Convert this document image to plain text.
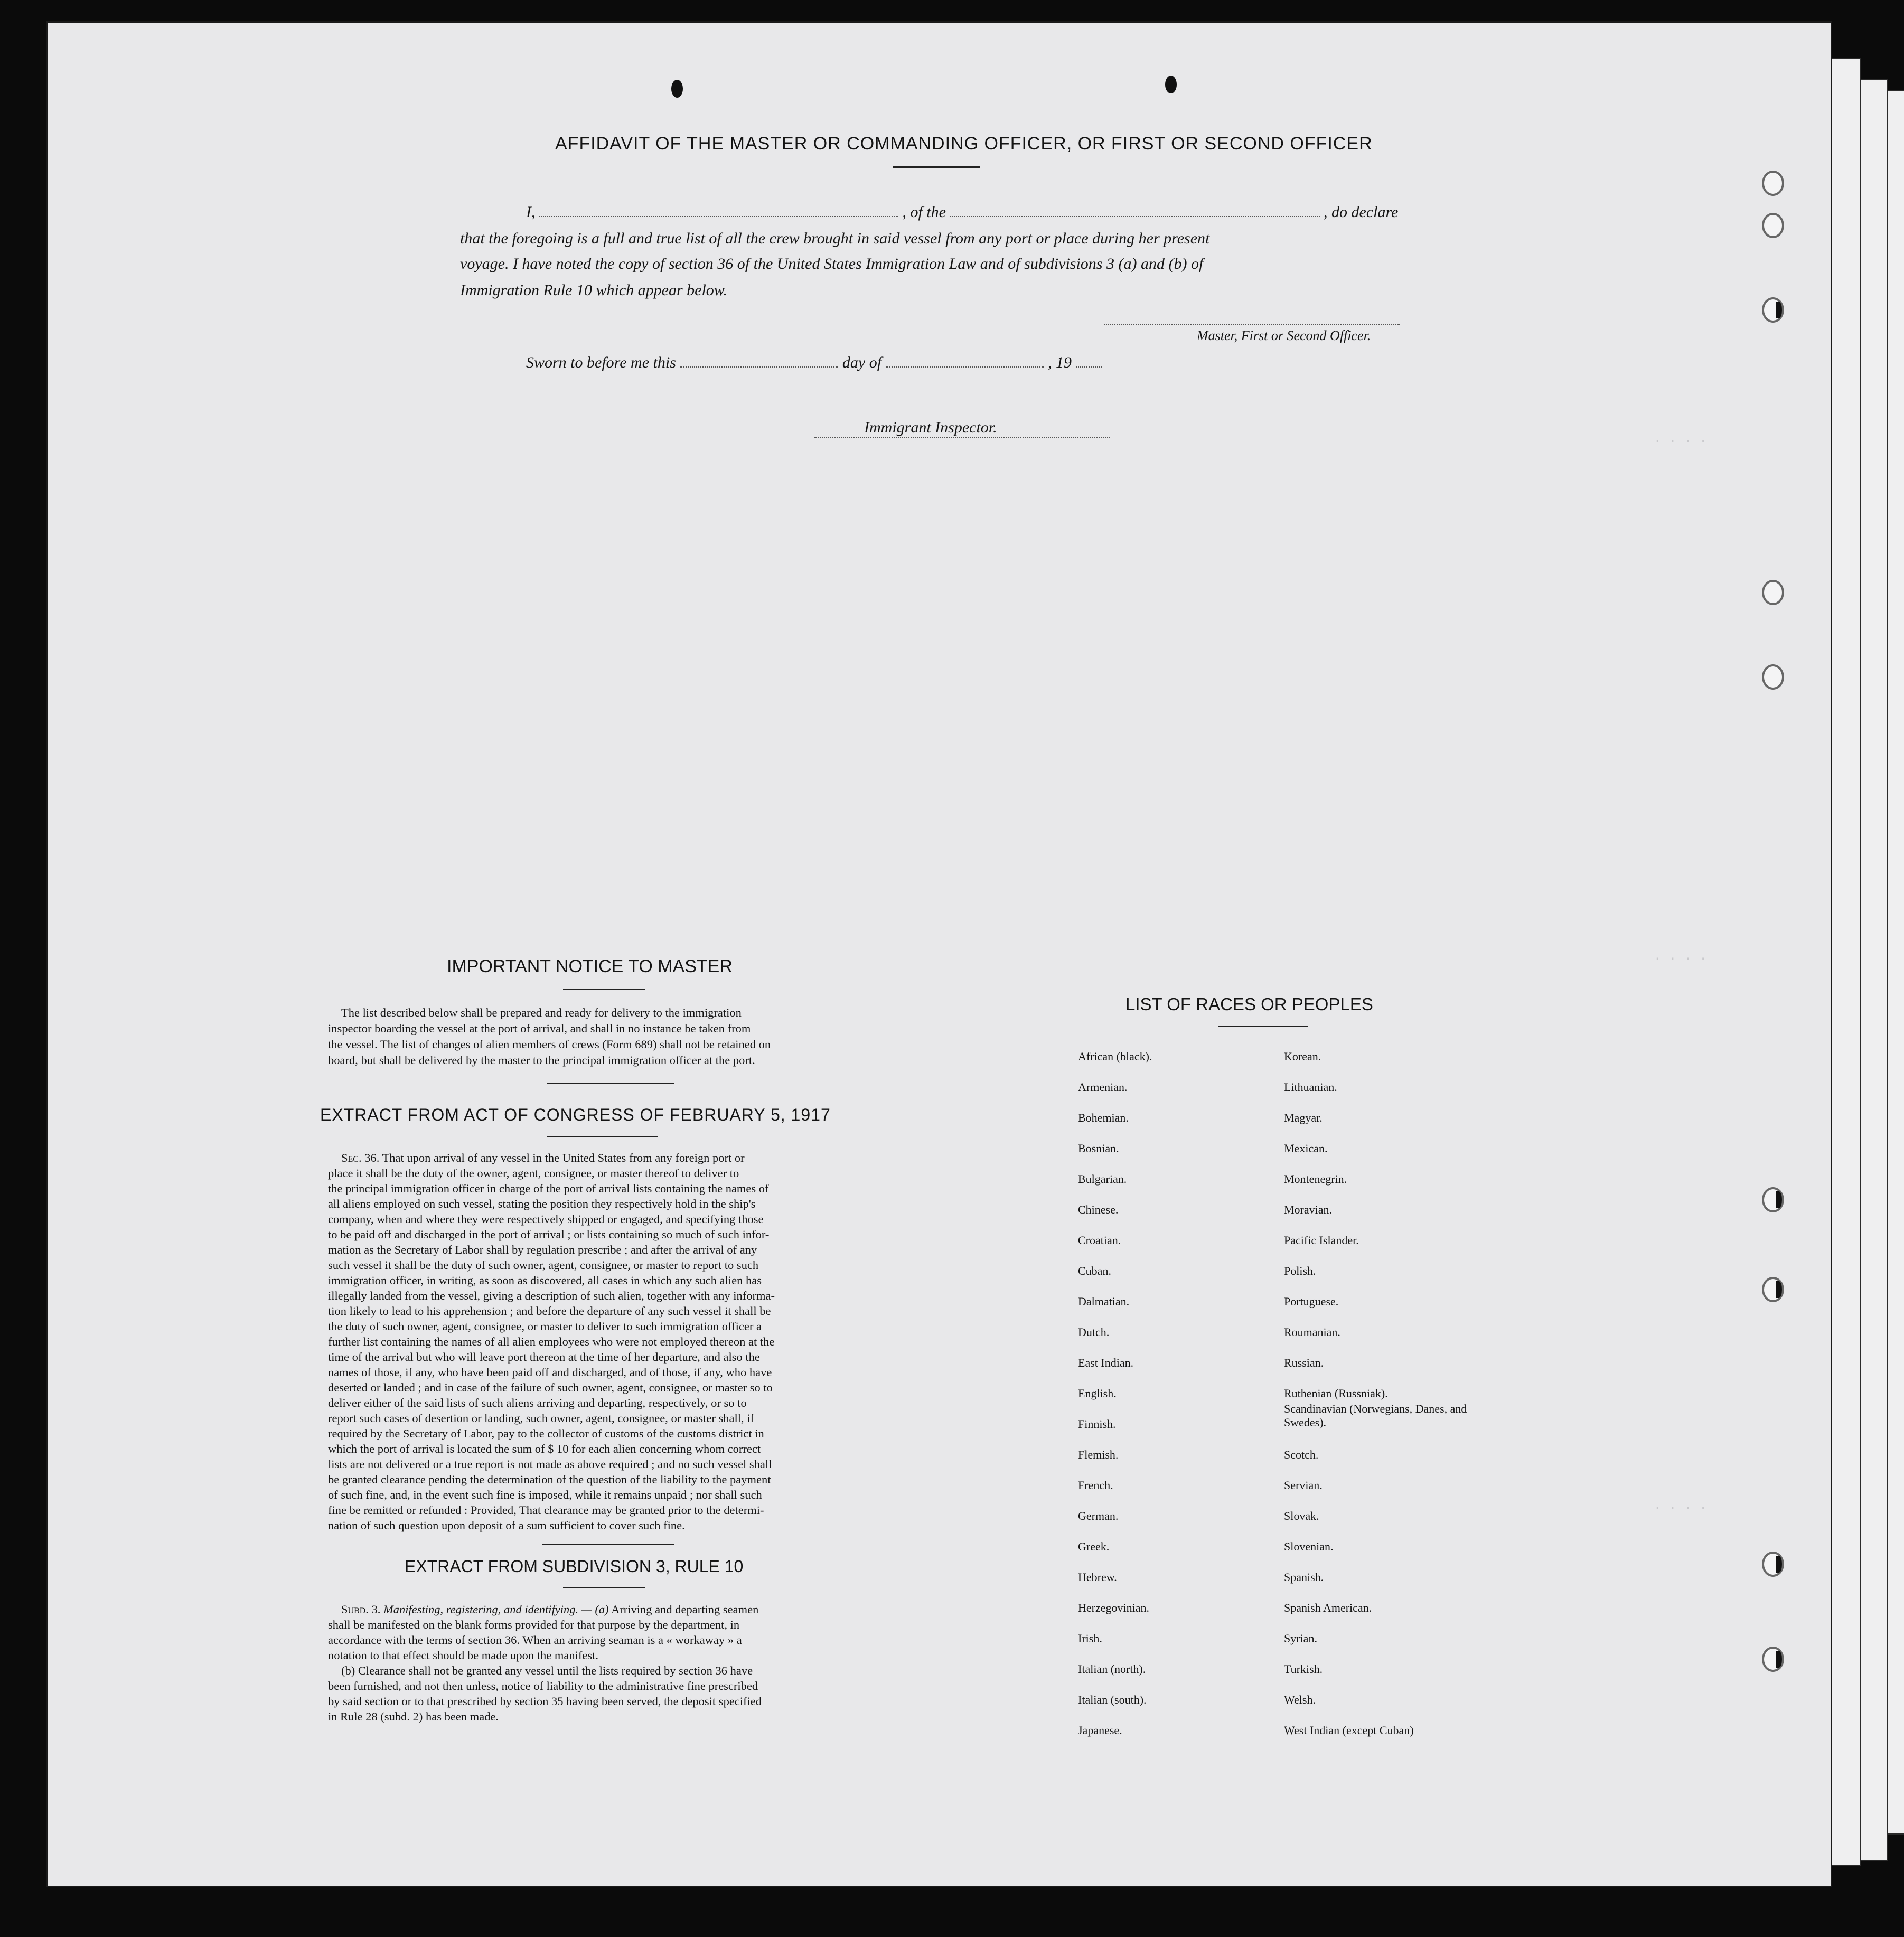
· · · ·
· · · ·
· · · ·
AFFIDAVIT OF THE MASTER OR COMMANDING OFFICER, OR FIRST OR SECOND OFFICER
I,	, of the	, do declare
that the foregoing is a full and true list of all the crew brought in said vessel from any port or place during her present
voyage. I have noted the copy of section 36 of the United States Immigration Law and of subdivisions 3 (a) and (b) of
Immigration Rule 10 which appear below.
Master, First or Second Officer.
Sworn to before me this	day of	, 19
Immigrant Inspector.
IMPORTANT NOTICE TO MASTER
The list described below shall be prepared and ready for delivery to the immigration
inspector boarding the vessel at the port of arrival, and shall in no instance be taken from
the vessel. The list of changes of alien members of crews (Form 689) shall not be retained on
board, but shall be delivered by the master to the principal immigration officer at the port.
EXTRACT FROM ACT OF CONGRESS OF FEBRUARY 5, 1917
Sec. 36. That upon arrival of any vessel in the United States from any foreign port or
place it shall be the duty of the owner, agent, consignee, or master thereof to deliver to
the principal immigration officer in charge of the port of arrival lists containing the names of
all aliens employed on such vessel, stating the position they respectively hold in the ship's
company, when and where they were respectively shipped or engaged, and specifying those
to be paid off and discharged in the port of arrival ; or lists containing so much of such infor-
mation as the Secretary of Labor shall by regulation prescribe ; and after the arrival of any
such vessel it shall be the duty of such owner, agent, consignee, or master to report to such
immigration officer, in writing, as soon as discovered, all cases in which any such alien has
illegally landed from the vessel, giving a description of such alien, together with any informa-
tion likely to lead to his apprehension ; and before the departure of any such vessel it shall be
the duty of such owner, agent, consignee, or master to deliver to such immigration officer a
further list containing the names of all alien employees who were not employed thereon at the
time of the arrival but who will leave port thereon at the time of her departure, and also the
names of those, if any, who have been paid off and discharged, and of those, if any, who have
deserted or landed ; and in case of the failure of such owner, agent, consignee, or master so to
deliver either of the said lists of such aliens arriving and departing, respectively, or so to
report such cases of desertion or landing, such owner, agent, consignee, or master shall, if
required by the Secretary of Labor, pay to the collector of customs of the customs district in
which the port of arrival is located the sum of $ 10 for each alien concerning whom correct
lists are not delivered or a true report is not made as above required ; and no such vessel shall
be granted clearance pending the determination of the question of the liability to the payment
of such fine, and, in the event such fine is imposed, while it remains unpaid ; nor shall such
fine be remitted or refunded : Provided, That clearance may be granted prior to the determi-
nation of such question upon deposit of a sum sufficient to cover such fine.
EXTRACT FROM SUBDIVISION 3, RULE 10
Subd. 3. Manifesting, registering, and identifying. — (a) Arriving and departing seamen
shall be manifested on the blank forms provided for that purpose by the department, in
accordance with the terms of section 36. When an arriving seaman is a « workaway » a
notation to that effect should be made upon the manifest.
(b) Clearance shall not be granted any vessel until the lists required by section 36 have
been furnished, and not then unless, notice of liability to the administrative fine prescribed
by said section or to that prescribed by section 35 having been served, the deposit specified
in Rule 28 (subd. 2) has been made.
LIST OF RACES OR PEOPLES
African (black).
Armenian.
Bohemian.
Bosnian.
Bulgarian.
Chinese.
Croatian.
Cuban.
Dalmatian.
Dutch.
East Indian.
English.
Finnish.
Flemish.
French.
German.
Greek.
Hebrew.
Herzegovinian.
Irish.
Italian (north).
Italian (south).
Japanese.
Korean.
Lithuanian.
Magyar.
Mexican.
Montenegrin.
Moravian.
Pacific Islander.
Polish.
Portuguese.
Roumanian.
Russian.
Ruthenian (Russniak).
Scandinavian (Norwegians, Danes, and Swedes).
Scotch.
Servian.
Slovak.
Slovenian.
Spanish.
Spanish American.
Syrian.
Turkish.
Welsh.
West Indian (except Cuban)
